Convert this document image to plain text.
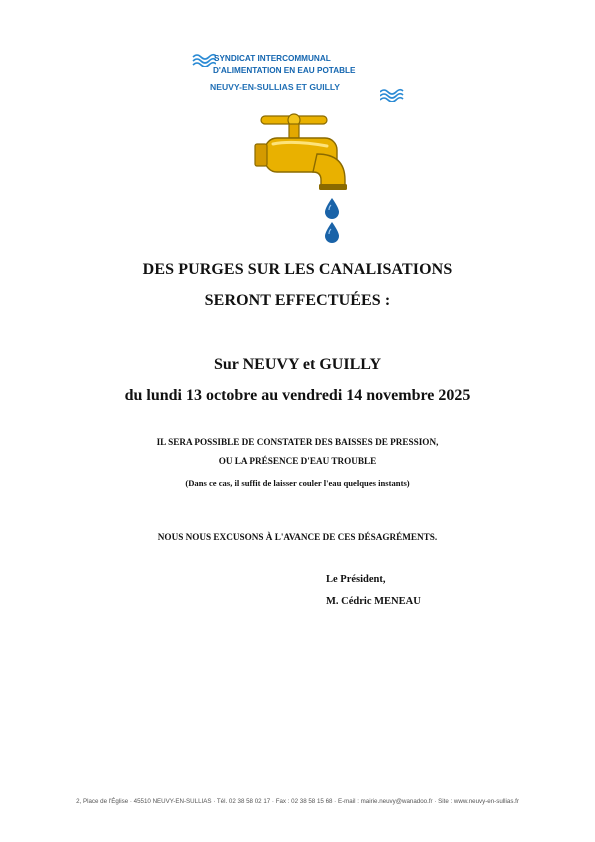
SYNDICAT INTERCOMMUNAL
D'ALIMENTATION EN EAU POTABLE
NEUVY-EN-SULLIAS ET GUILLY
DES PURGES SUR LES CANALISATIONS
SERONT EFFECTUÉES :
Sur NEUVY et GUILLY
du lundi 13 octobre au vendredi 14 novembre 2025
IL SERA POSSIBLE DE CONSTATER DES BAISSES DE PRESSION,
OU LA PRÉSENCE D'EAU TROUBLE
(Dans ce cas, il suffit de laisser couler l'eau quelques instants)
NOUS NOUS EXCUSONS À L'AVANCE DE CES DÉSAGRÉMENTS.
Le Président,
M. Cédric MENEAU
2, Place de l'Église · 45510 NEUVY-EN-SULLIAS · Tél. 02 38 58 02 17 · Fax : 02 38 58 15 68 · E-mail : mairie.neuvy@wanadoo.fr · Site : www.neuvy-en-sullias.fr
